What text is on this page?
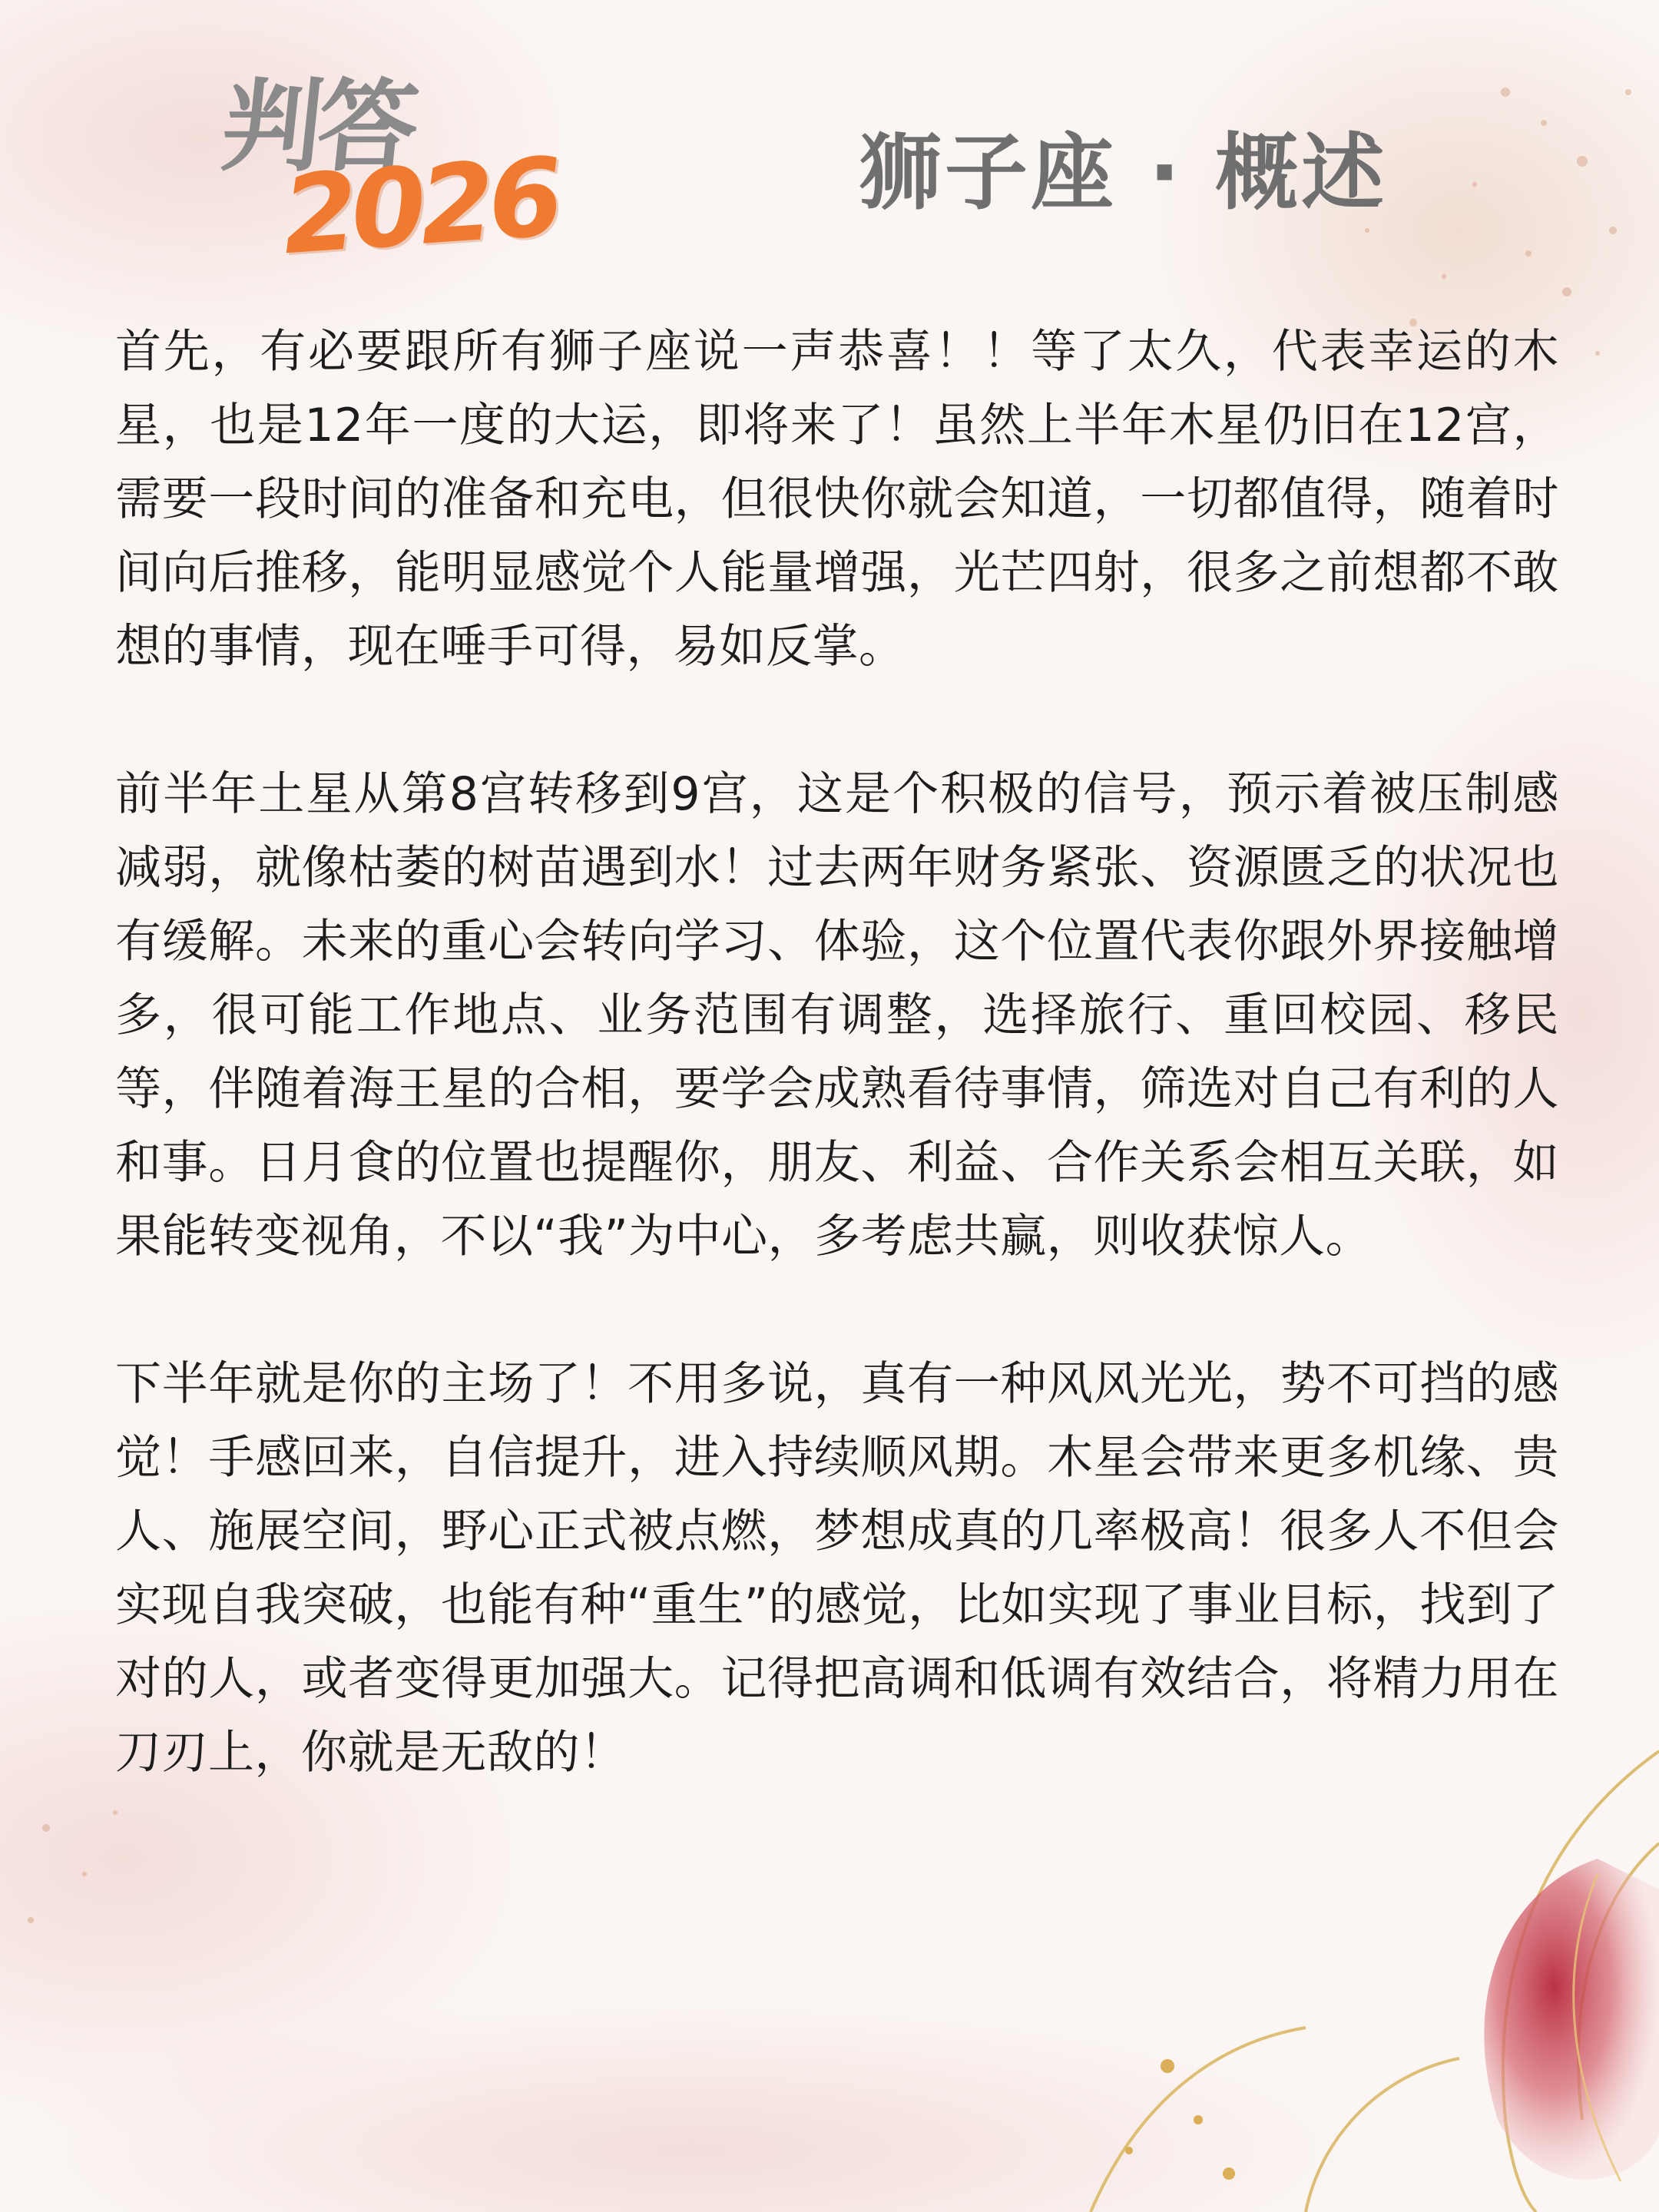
判答
2026	狮子座 · 概述

首先，有必要跟所有狮子座说一声恭喜！！等了太久，代表幸运的木星，也是12年一度的大运，即将来了！虽然上半年木星仍旧在12宫，需要一段时间的准备和充电，但很快你就会知道，一切都值得，随着时间向后推移，能明显感觉个人能量增强，光芒四射，很多之前想都不敢想的事情，现在唾手可得，易如反掌。

前半年土星从第8宫转移到9宫，这是个积极的信号，预示着被压制感减弱，就像枯萎的树苗遇到水！过去两年财务紧张、资源匮乏的状况也有缓解。未来的重心会转向学习、体验，这个位置代表你跟外界接触增多，很可能工作地点、业务范围有调整，选择旅行、重回校园、移民等，伴随着海王星的合相，要学会成熟看待事情，筛选对自己有利的人和事。日月食的位置也提醒你，朋友、利益、合作关系会相互关联，如果能转变视角，不以“我”为中心，多考虑共赢，则收获惊人。

下半年就是你的主场了！不用多说，真有一种风风光光，势不可挡的感觉！手感回来，自信提升，进入持续顺风期。木星会带来更多机缘、贵人、施展空间，野心正式被点燃，梦想成真的几率极高！很多人不但会实现自我突破，也能有种“重生”的感觉，比如实现了事业目标，找到了对的人，或者变得更加强大。记得把高调和低调有效结合，将精力用在刀刃上，你就是无敌的！
